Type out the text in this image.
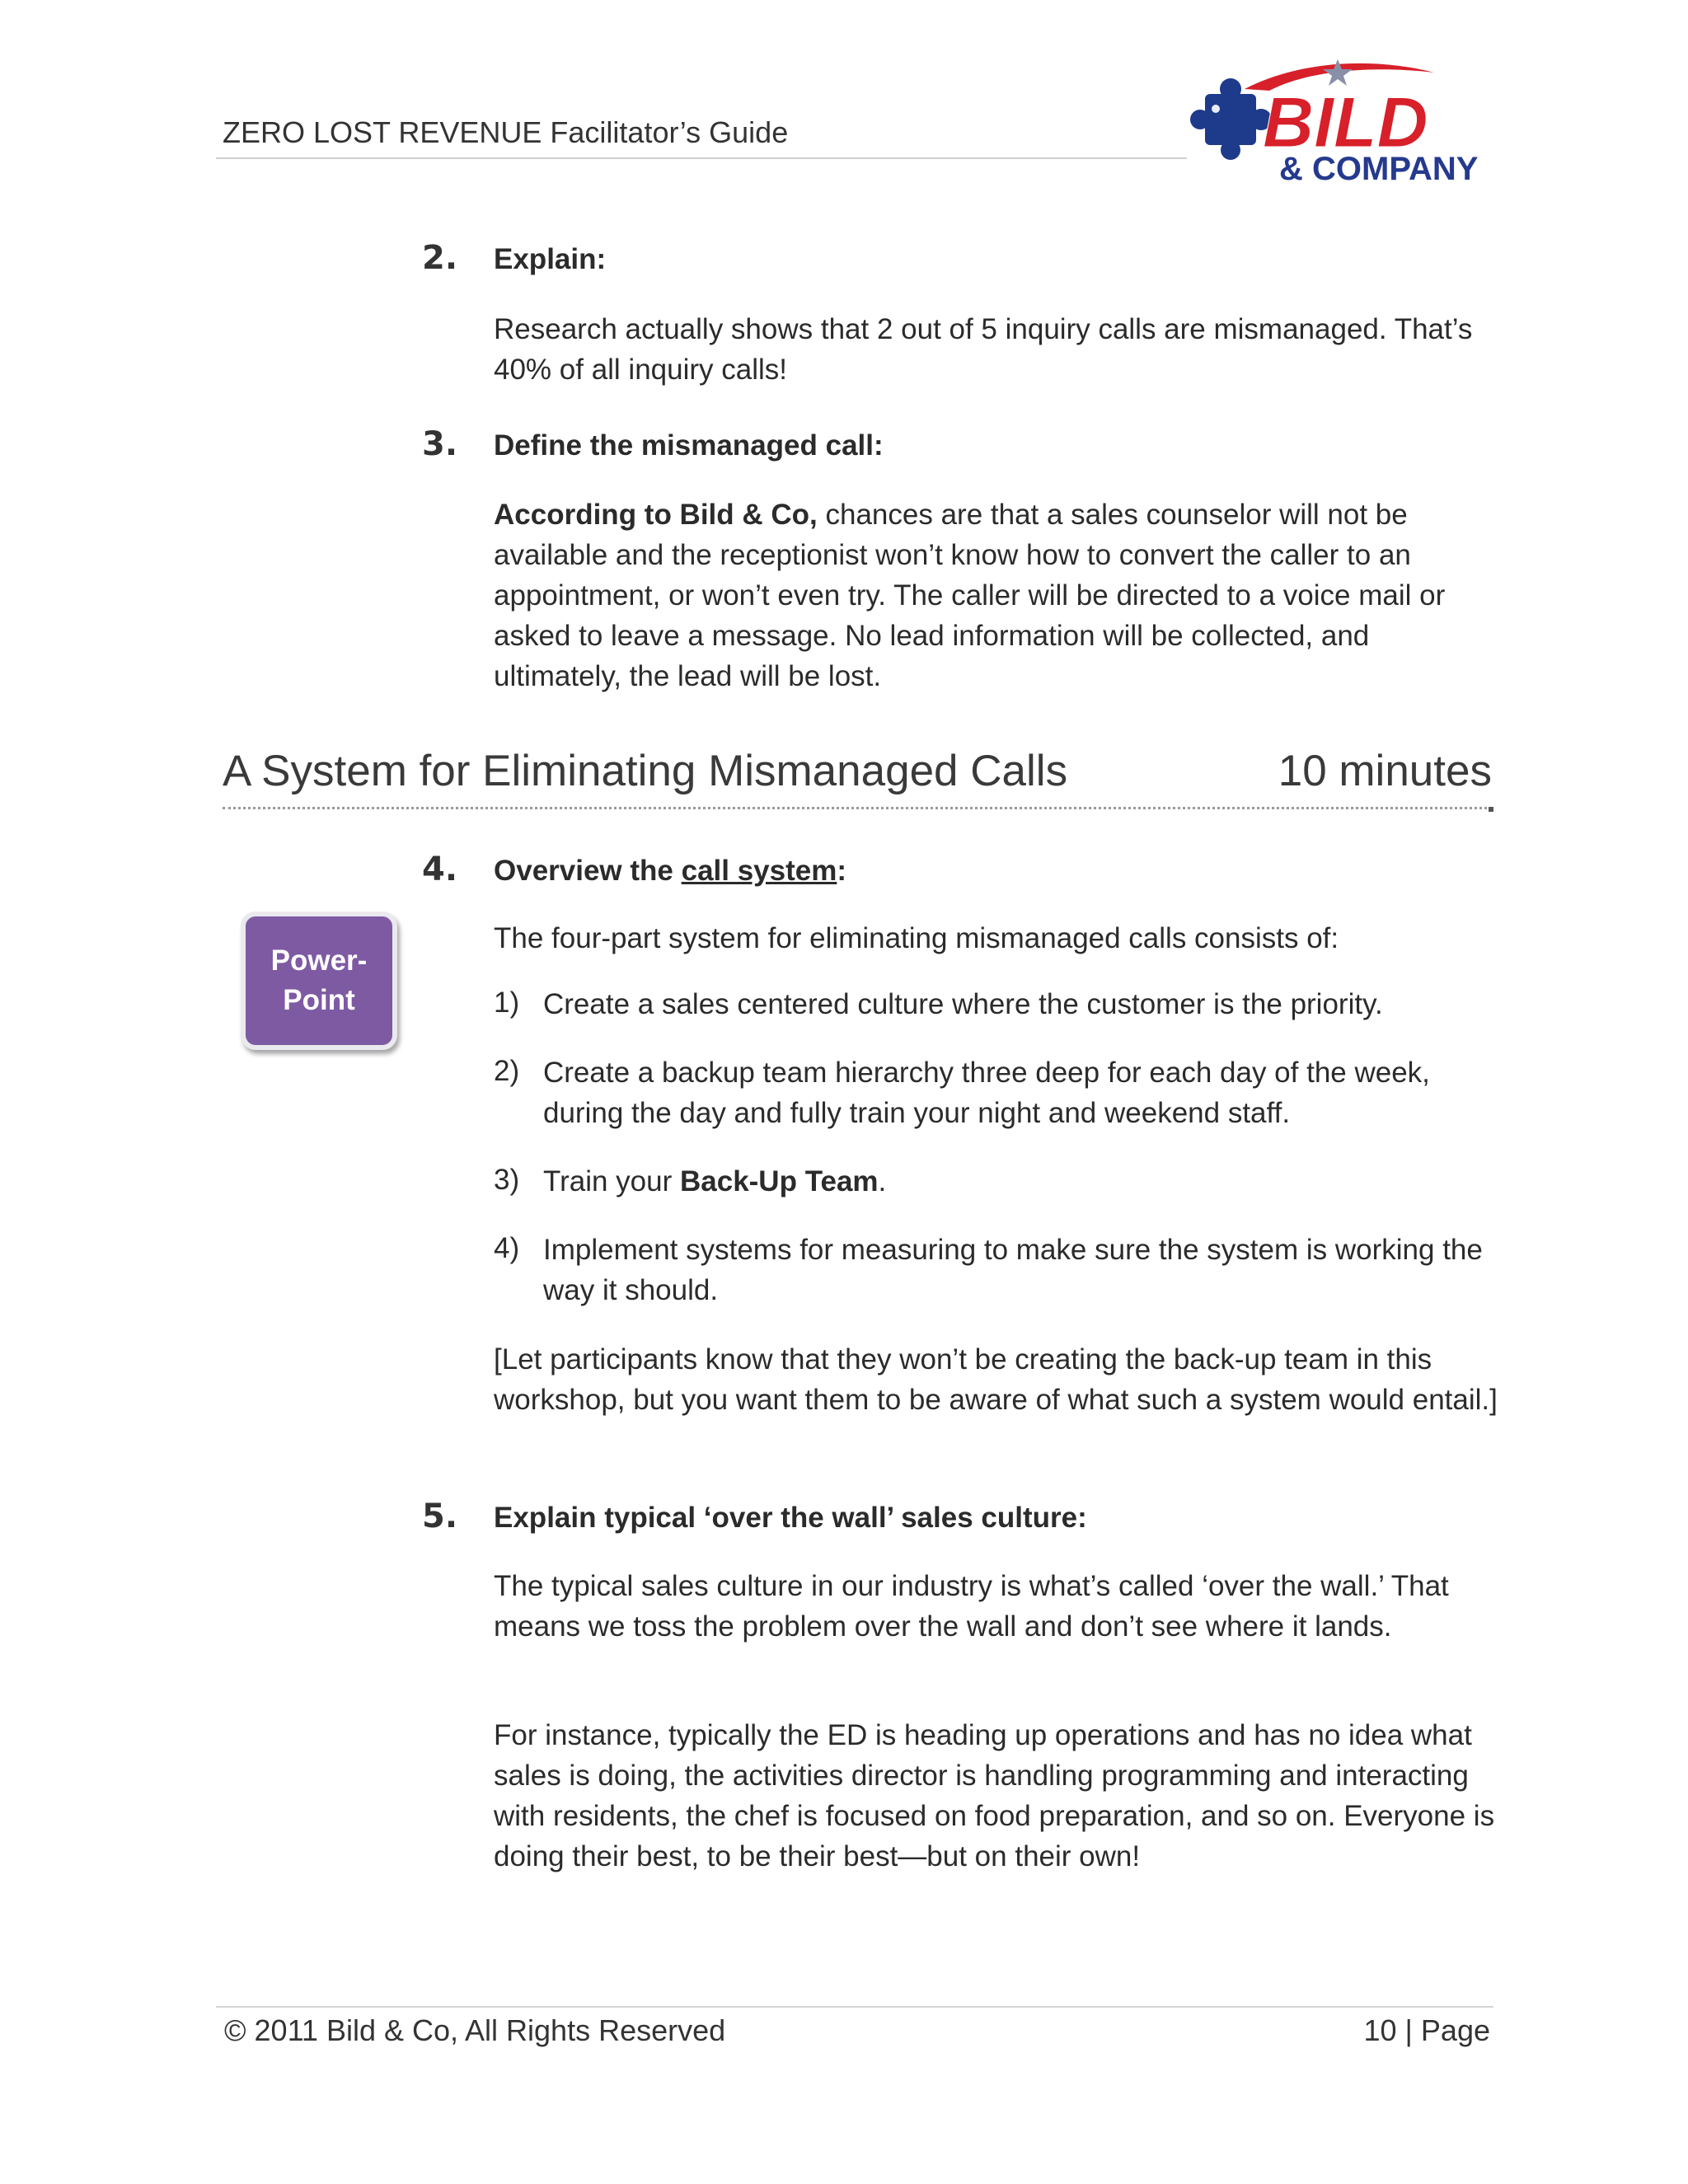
ZERO LOST REVENUE Facilitator’s Guide	BILD
& COMPANY
2. Explain:
Research actually shows that 2 out of 5 inquiry calls are mismanaged. That’s 40% of all inquiry calls!
3. Define the mismanaged call:
According to Bild & Co, chances are that a sales counselor will not be available and the receptionist won’t know how to convert the caller to an appointment, or won’t even try. The caller will be directed to a voice mail or asked to leave a message. No lead information will be collected, and ultimately, the lead will be lost.
A System for Eliminating Mismanaged Calls	10 minutes
Power-
Point
4. Overview the call system:
The four-part system for eliminating mismanaged calls consists of:
1) Create a sales centered culture where the customer is the priority.
2) Create a backup team hierarchy three deep for each day of the week, during the day and fully train your night and weekend staff.
3) Train your Back-Up Team.
4) Implement systems for measuring to make sure the system is working the way it should.
[Let participants know that they won’t be creating the back-up team in this workshop, but you want them to be aware of what such a system would entail.]
5. Explain typical ‘over the wall’ sales culture:
The typical sales culture in our industry is what’s called ‘over the wall.’ That means we toss the problem over the wall and don’t see where it lands.
For instance, typically the ED is heading up operations and has no idea what sales is doing, the activities director is handling programming and interacting with residents, the chef is focused on food preparation, and so on. Everyone is doing their best, to be their best—but on their own!
© 2011 Bild & Co, All Rights Reserved	10 | Page
